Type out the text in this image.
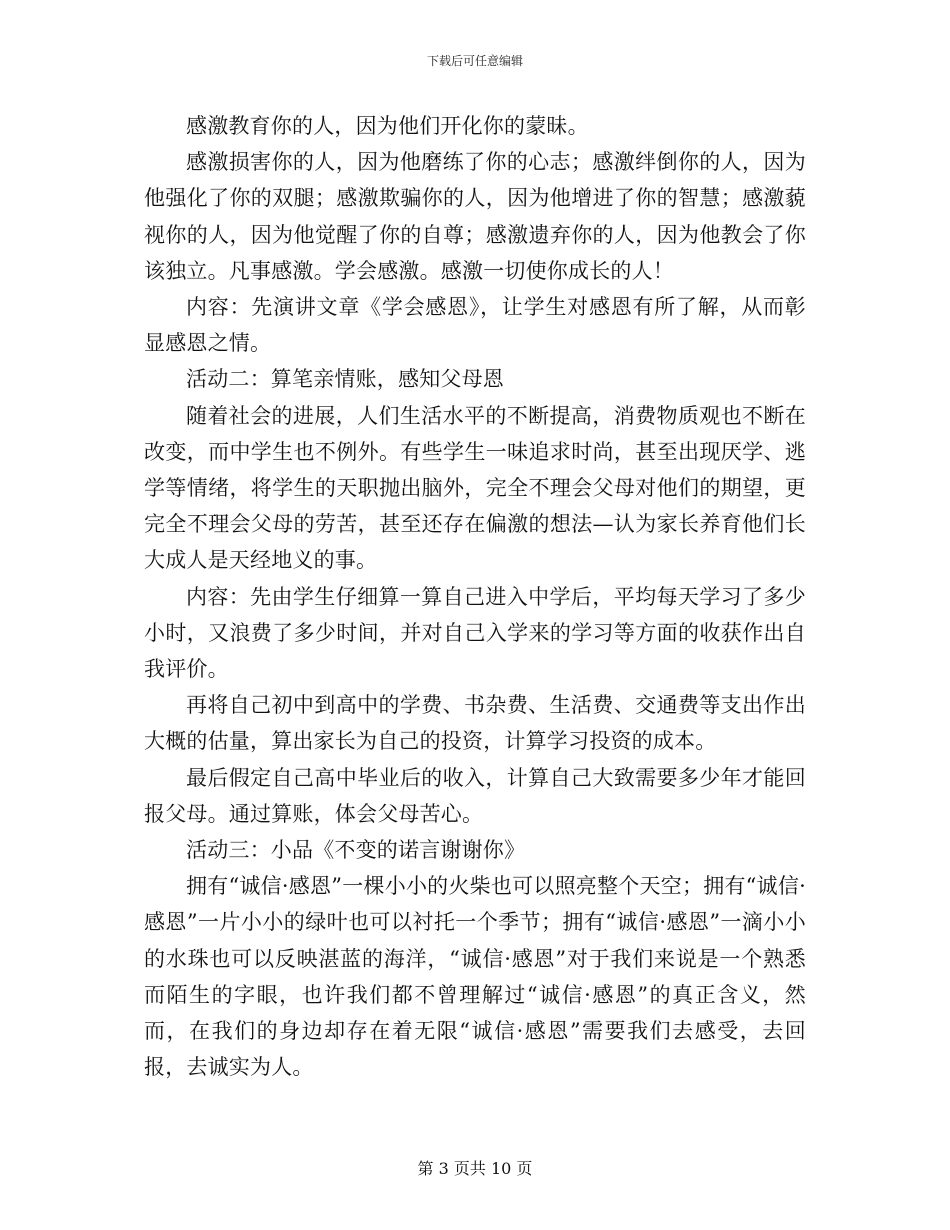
下载后可任意编辑

感激教育你的人，因为他们开化你的蒙昧。

感激损害你的人，因为他磨练了你的心志；感激绊倒你的人，因为他强化了你的双腿；感激欺骗你的人，因为他增进了你的智慧；感激藐视你的人，因为他觉醒了你的自尊；感激遗弃你的人，因为他教会了你该独立。凡事感激。学会感激。感激一切使你成长的人！

内容：先演讲文章《学会感恩》，让学生对感恩有所了解，从而彰显感恩之情。

活动二：算笔亲情账，感知父母恩

随着社会的进展，人们生活水平的不断提高，消费物质观也不断在改变，而中学生也不例外。有些学生一味追求时尚，甚至出现厌学、逃学等情绪，将学生的天职抛出脑外，完全不理会父母对他们的期望，更完全不理会父母的劳苦，甚至还存在偏激的想法—认为家长养育他们长大成人是天经地义的事。

内容：先由学生仔细算一算自己进入中学后，平均每天学习了多少小时，又浪费了多少时间，并对自己入学来的学习等方面的收获作出自我评价。

再将自己初中到高中的学费、书杂费、生活费、交通费等支出作出大概的估量，算出家长为自己的投资，计算学习投资的成本。

最后假定自己高中毕业后的收入，计算自己大致需要多少年才能回报父母。通过算账，体会父母苦心。

活动三：小品《不变的诺言谢谢你》

拥有“诚信·感恩”一棵小小的火柴也可以照亮整个天空；拥有“诚信·感恩”一片小小的绿叶也可以衬托一个季节；拥有“诚信·感恩”一滴小小的水珠也可以反映湛蓝的海洋，“诚信·感恩”对于我们来说是一个熟悉而陌生的字眼，也许我们都不曾理解过“诚信·感恩”的真正含义，然而，在我们的身边却存在着无限“诚信·感恩”需要我们去感受，去回报，去诚实为人。

第 3 页共 10 页
